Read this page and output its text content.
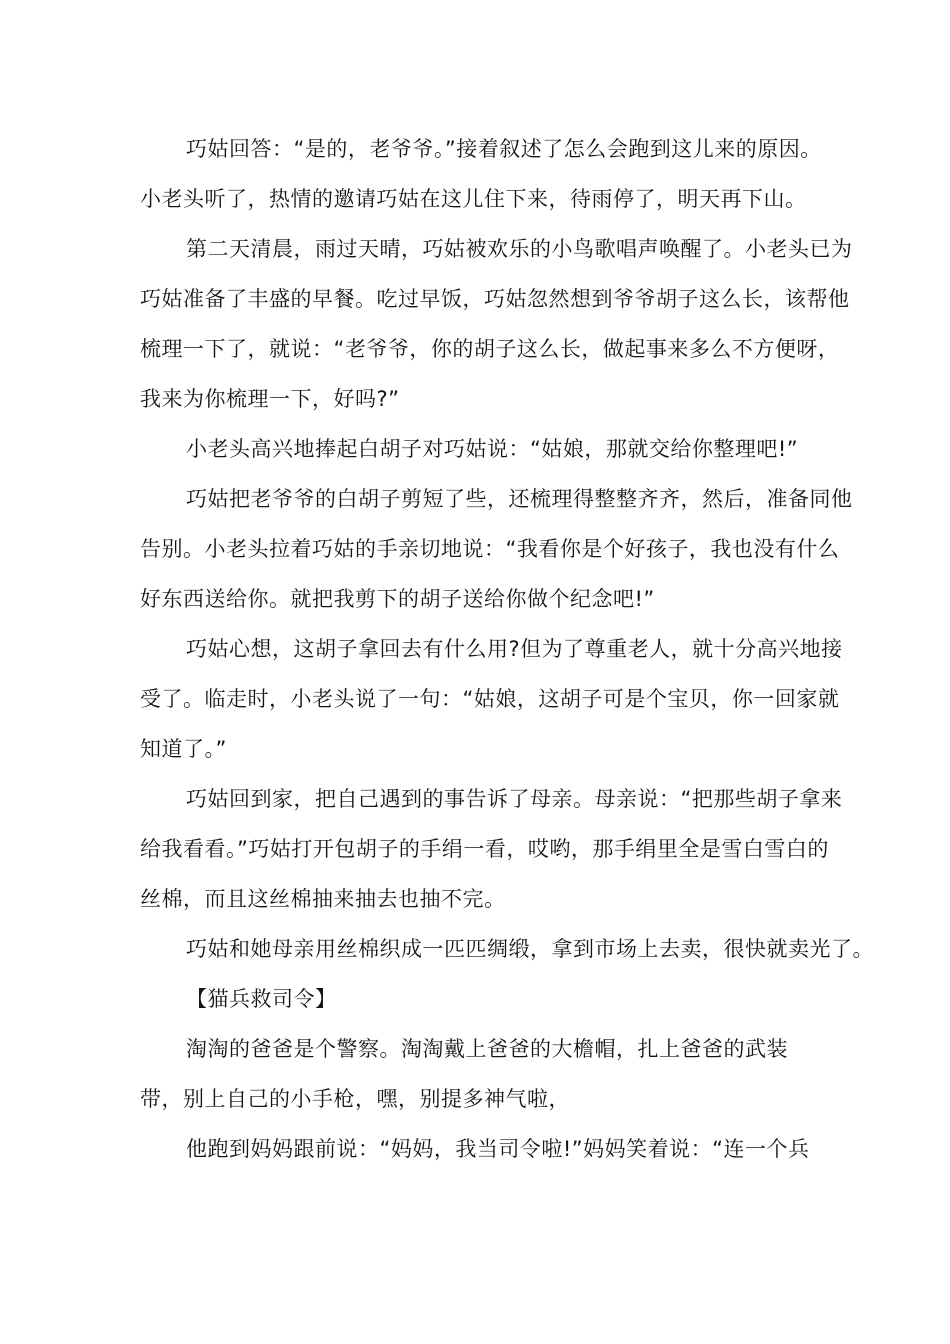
巧姑回答：“是的，老爷爷。”接着叙述了怎么会跑到这儿来的原因。
小老头听了，热情的邀请巧姑在这儿住下来，待雨停了，明天再下山。
第二天清晨，雨过天晴，巧姑被欢乐的小鸟歌唱声唤醒了。小老头已为
巧姑准备了丰盛的早餐。吃过早饭，巧姑忽然想到爷爷胡子这么长，该帮他
梳理一下了，就说：“老爷爷，你的胡子这么长，做起事来多么不方便呀，
我来为你梳理一下，好吗?”
小老头高兴地捧起白胡子对巧姑说：“姑娘，那就交给你整理吧!”
巧姑把老爷爷的白胡子剪短了些，还梳理得整整齐齐，然后，准备同他
告别。小老头拉着巧姑的手亲切地说：“我看你是个好孩子，我也没有什么
好东西送给你。就把我剪下的胡子送给你做个纪念吧!”
巧姑心想，这胡子拿回去有什么用?但为了尊重老人，就十分高兴地接
受了。临走时，小老头说了一句：“姑娘，这胡子可是个宝贝，你一回家就
知道了。”
巧姑回到家，把自己遇到的事告诉了母亲。母亲说：“把那些胡子拿来
给我看看。”巧姑打开包胡子的手绢一看，哎哟，那手绢里全是雪白雪白的
丝棉，而且这丝棉抽来抽去也抽不完。
巧姑和她母亲用丝棉织成一匹匹绸缎，拿到市场上去卖，很快就卖光了。
【猫兵救司令】
淘淘的爸爸是个警察。淘淘戴上爸爸的大檐帽，扎上爸爸的武装
带，别上自己的小手枪，嘿，别提多神气啦，
他跑到妈妈跟前说：“妈妈，我当司令啦!”妈妈笑着说：“连一个兵
